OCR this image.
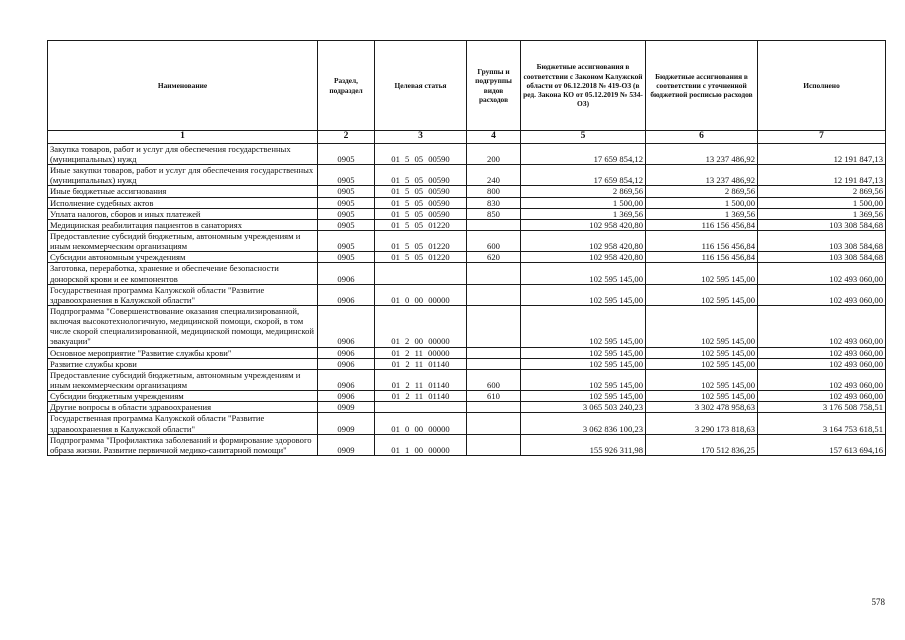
Наименование	Раздел, подраздел	Целевая статья	Группы и подгруппы видов расходов	Бюджетные ассигнования в соответствии с Законом Калужской области от 06.12.2018 № 419-ОЗ (в ред. Закона КО от 05.12.2019 № 534-ОЗ)	Бюджетные ассигнования в соответствии с уточненной бюджетной росписью расходов	Исполнено
1	2	3	4	5	6	7
Закупка товаров, работ и услуг для обеспечения государственных (муниципальных) нужд	0905	01 5 05 00590	200	17 659 854,12	13 237 486,92	12 191 847,13
Иные закупки товаров, работ и услуг для обеспечения государственных (муниципальных) нужд	0905	01 5 05 00590	240	17 659 854,12	13 237 486,92	12 191 847,13
Иные бюджетные ассигнования	0905	01 5 05 00590	800	2 869,56	2 869,56	2 869,56
Исполнение судебных актов	0905	01 5 05 00590	830	1 500,00	1 500,00	1 500,00
Уплата налогов, сборов и иных платежей	0905	01 5 05 00590	850	1 369,56	1 369,56	1 369,56
Медицинская реабилитация пациентов в санаториях	0905	01 5 05 01220		102 958 420,80	116 156 456,84	103 308 584,68
Предоставление субсидий бюджетным, автономным учреждениям и иным некоммерческим организациям	0905	01 5 05 01220	600	102 958 420,80	116 156 456,84	103 308 584,68
Субсидии автономным учреждениям	0905	01 5 05 01220	620	102 958 420,80	116 156 456,84	103 308 584,68
Заготовка, переработка, хранение и обеспечение безопасности донорской крови и ее компонентов	0906			102 595 145,00	102 595 145,00	102 493 060,00
Государственная программа Калужской области "Развитие здравоохранения в Калужской области"	0906	01 0 00 00000		102 595 145,00	102 595 145,00	102 493 060,00
Подпрограмма "Совершенствование оказания специализированной, включая высокотехнологичную, медицинской помощи, скорой, в том числе скорой специализированной, медицинской помощи, медицинской эвакуации"	0906	01 2 00 00000		102 595 145,00	102 595 145,00	102 493 060,00
Основное мероприятие "Развитие службы крови"	0906	01 2 11 00000		102 595 145,00	102 595 145,00	102 493 060,00
Развитие службы крови	0906	01 2 11 01140		102 595 145,00	102 595 145,00	102 493 060,00
Предоставление субсидий бюджетным, автономным учреждениям и иным некоммерческим организациям	0906	01 2 11 01140	600	102 595 145,00	102 595 145,00	102 493 060,00
Субсидии бюджетным учреждениям	0906	01 2 11 01140	610	102 595 145,00	102 595 145,00	102 493 060,00
Другие вопросы в области здравоохранения	0909			3 065 503 240,23	3 302 478 958,63	3 176 508 758,51
Государственная программа Калужской области "Развитие здравоохранения в Калужской области"	0909	01 0 00 00000		3 062 836 100,23	3 290 173 818,63	3 164 753 618,51
Подпрограмма "Профилактика заболеваний и формирование здорового образа жизни. Развитие первичной медико-санитарной помощи"	0909	01 1 00 00000		155 926 311,98	170 512 836,25	157 613 694,16
578
